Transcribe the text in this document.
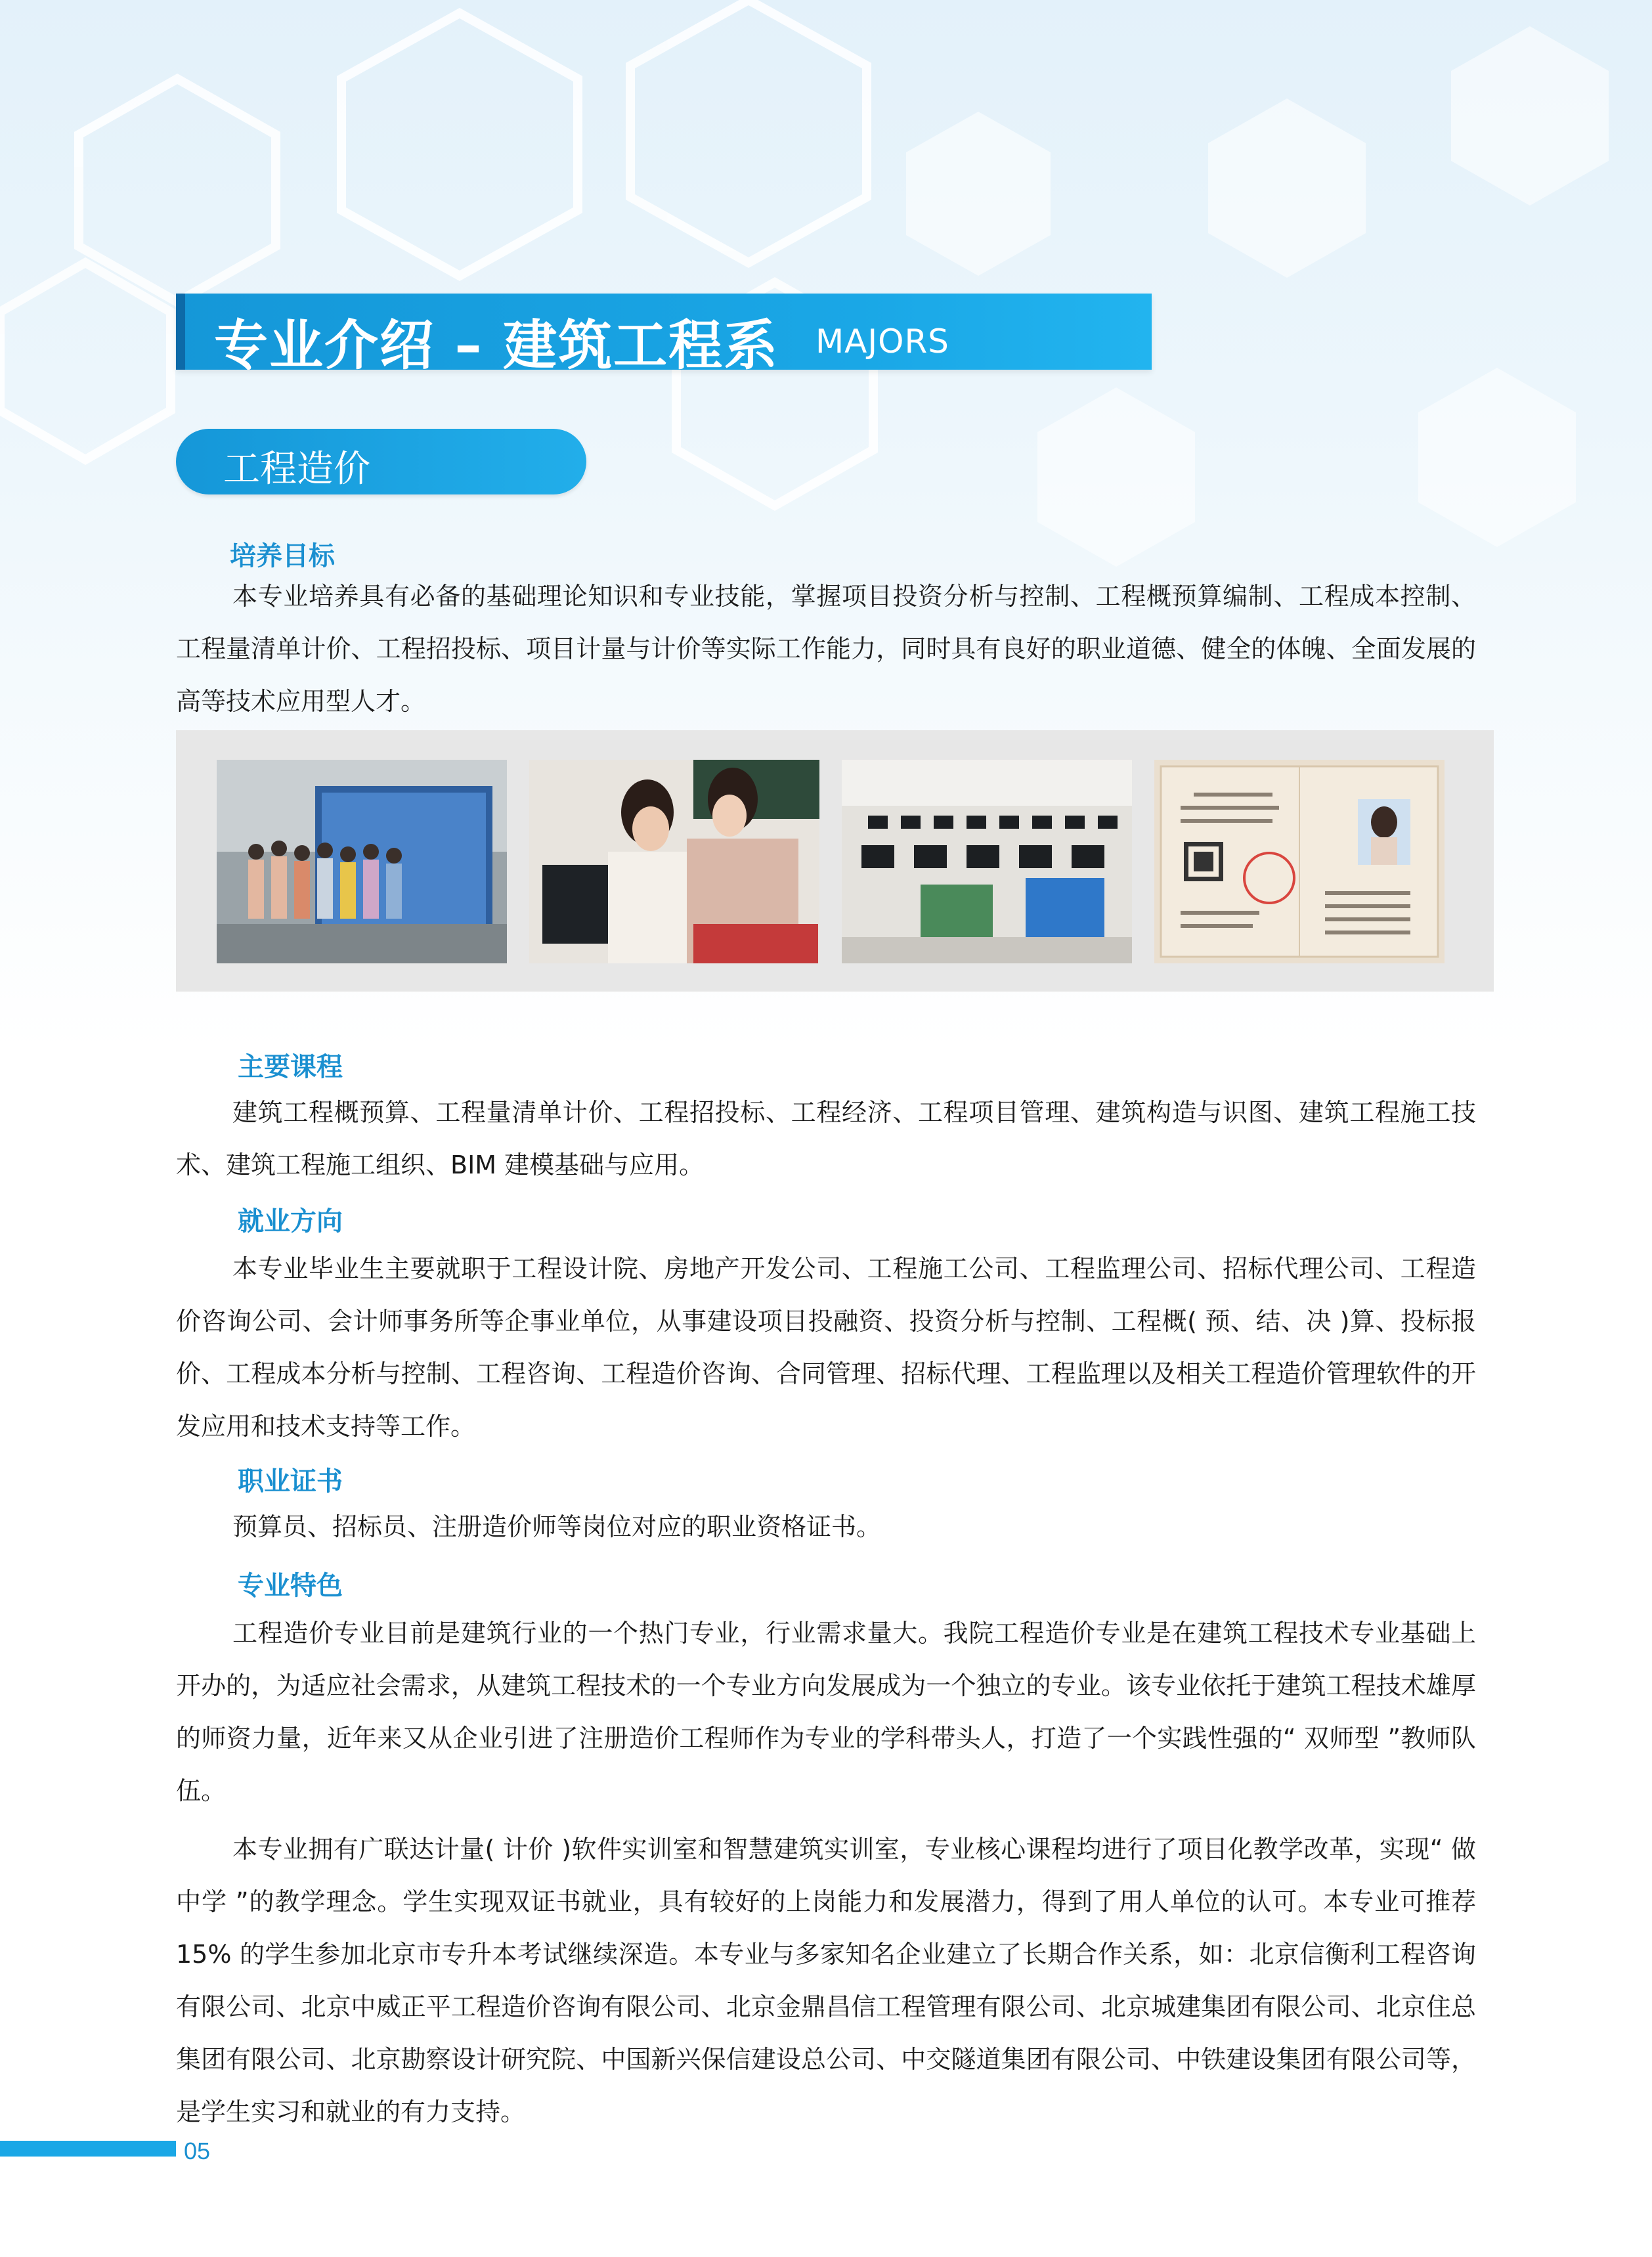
专业介绍 – 建筑工程系 MAJORS
工程造价
培养目标

本专业培养具有必备的基础理论知识和专业技能，掌握项目投资分析与控制、工程概预算编制、工程成本控制、工程量清单计价、工程招投标、项目计量与计价等实际工作能力，同时具有良好的职业道德、健全的体魄、全面发展的高等技术应用型人才。

主要课程

建筑工程概预算、工程量清单计价、工程招投标、工程经济、工程项目管理、建筑构造与识图、建筑工程施工技术、建筑工程施工组织、BIM 建模基础与应用。

就业方向

本专业毕业生主要就职于工程设计院、房地产开发公司、工程施工公司、工程监理公司、招标代理公司、工程造价咨询公司、会计师事务所等企事业单位，从事建设项目投融资、投资分析与控制、工程概( 预、结、决 )算、投标报价、工程成本分析与控制、工程咨询、工程造价咨询、合同管理、招标代理、工程监理以及相关工程造价管理软件的开发应用和技术支持等工作。

职业证书

预算员、招标员、注册造价师等岗位对应的职业资格证书。

专业特色

工程造价专业目前是建筑行业的一个热门专业，行业需求量大。我院工程造价专业是在建筑工程技术专业基础上开办的，为适应社会需求，从建筑工程技术的一个专业方向发展成为一个独立的专业。该专业依托于建筑工程技术雄厚的师资力量，近年来又从企业引进了注册造价工程师作为专业的学科带头人，打造了一个实践性强的“ 双师型 ”教师队伍。

本专业拥有广联达计量( 计价 )软件实训室和智慧建筑实训室，专业核心课程均进行了项目化教学改革，实现“ 做中学 ”的教学理念。学生实现双证书就业，具有较好的上岗能力和发展潜力，得到了用人单位的认可。本专业可推荐 15% 的学生参加北京市专升本考试继续深造。本专业与多家知名企业建立了长期合作关系，如：北京信衡利工程咨询有限公司、北京中威正平工程造价咨询有限公司、北京金鼎昌信工程管理有限公司、北京城建集团有限公司、北京住总集团有限公司、北京勘察设计研究院、中国新兴保信建设总公司、中交隧道集团有限公司、中铁建设集团有限公司等，是学生实习和就业的有力支持。

05
